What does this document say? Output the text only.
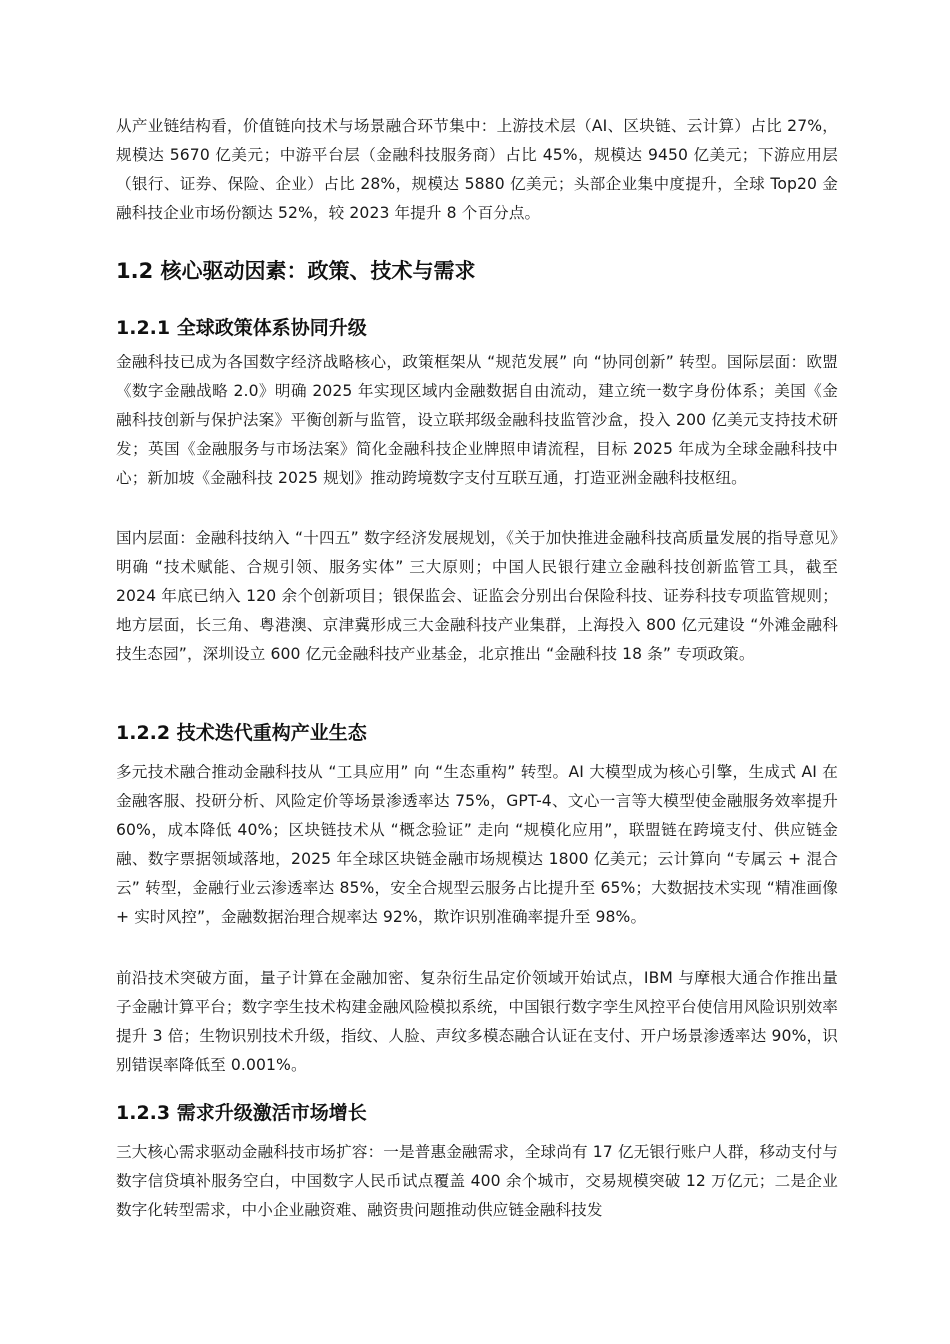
从产业链结构看，价值链向技术与场景融合环节集中：上游技术层（AI、区块链、云计算）占比 27%，规模达 5670 亿美元；中游平台层（金融科技服务商）占比 45%，规模达 9450 亿美元；下游应用层（银行、证券、保险、企业）占比 28%，规模达 5880 亿美元；头部企业集中度提升，全球 Top20 金融科技企业市场份额达 52%，较 2023 年提升 8 个百分点。

1.2 核心驱动因素：政策、技术与需求
1.2.1 全球政策体系协同升级

金融科技已成为各国数字经济战略核心，政策框架从 “规范发展” 向 “协同创新” 转型。国际层面：欧盟《数字金融战略 2.0》明确 2025 年实现区域内金融数据自由流动，建立统一数字身份体系；美国《金融科技创新与保护法案》平衡创新与监管，设立联邦级金融科技监管沙盒，投入 200 亿美元支持技术研发；英国《金融服务与市场法案》简化金融科技企业牌照申请流程，目标 2025 年成为全球金融科技中心；新加坡《金融科技 2025 规划》推动跨境数字支付互联互通，打造亚洲金融科技枢纽。

国内层面：金融科技纳入 “十四五” 数字经济发展规划，《关于加快推进金融科技高质量发展的指导意见》明确 “技术赋能、合规引领、服务实体” 三大原则；中国人民银行建立金融科技创新监管工具，截至 2024 年底已纳入 120 余个创新项目；银保监会、证监会分别出台保险科技、证券科技专项监管规则；地方层面，长三角、粤港澳、京津冀形成三大金融科技产业集群，上海投入 800 亿元建设 “外滩金融科技生态园”，深圳设立 600 亿元金融科技产业基金，北京推出 “金融科技 18 条” 专项政策。

1.2.2 技术迭代重构产业生态

多元技术融合推动金融科技从 “工具应用” 向 “生态重构” 转型。AI 大模型成为核心引擎，生成式 AI 在金融客服、投研分析、风险定价等场景渗透率达 75%，GPT-4、文心一言等大模型使金融服务效率提升 60%，成本降低 40%；区块链技术从 “概念验证” 走向 “规模化应用”，联盟链在跨境支付、供应链金融、数字票据领域落地，2025 年全球区块链金融市场规模达 1800 亿美元；云计算向 “专属云 + 混合云” 转型，金融行业云渗透率达 85%，安全合规型云服务占比提升至 65%；大数据技术实现 “精准画像 + 实时风控”，金融数据治理合规率达 92%，欺诈识别准确率提升至 98%。

前沿技术突破方面，量子计算在金融加密、复杂衍生品定价领域开始试点，IBM 与摩根大通合作推出量子金融计算平台；数字孪生技术构建金融风险模拟系统，中国银行数字孪生风控平台使信用风险识别效率提升 3 倍；生物识别技术升级，指纹、人脸、声纹多模态融合认证在支付、开户场景渗透率达 90%，识别错误率降低至 0.001%。

1.2.3 需求升级激活市场增长

三大核心需求驱动金融科技市场扩容：一是普惠金融需求，全球尚有 17 亿无银行账户人群，移动支付与数字信贷填补服务空白，中国数字人民币试点覆盖 400 余个城市，交易规模突破 12 万亿元；二是企业数字化转型需求，中小企业融资难、融资贵问题推动供应链金融科技发
